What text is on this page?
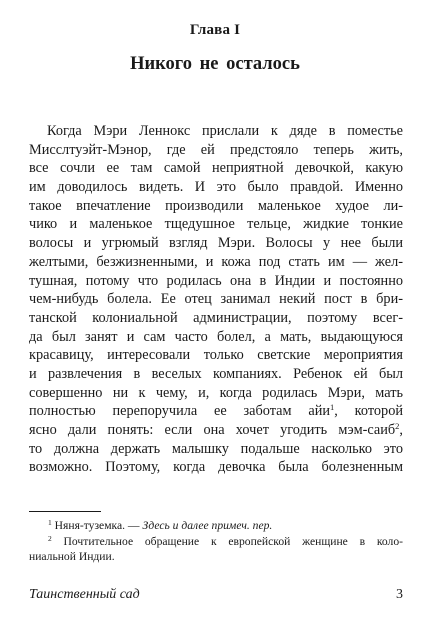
Глава I
Никого не осталось
Когда Мэри Леннокс прислали к дяде в поместье
Мисслтуэйт-Мэнор, где ей предстояло теперь жить,
все сочли ее там самой неприятной девочкой, какую
им доводилось видеть. И это было правдой. Именно
такое впечатление производили маленькое худое ли-
чико и маленькое тщедушное тельце, жидкие тонкие
волосы и угрюмый взгляд Мэри. Волосы у нее были
желтыми, безжизненными, и кожа под стать им — жел-
тушная, потому что родилась она в Индии и постоянно
чем-нибудь болела. Ее отец занимал некий пост в бри-
танской колониальной администрации, поэтому всег-
да был занят и сам часто болел, а мать, выдающуюся
красавицу, интересовали только светские мероприятия
и развлечения в веселых компаниях. Ребенок ей был
совершенно ни к чему, и, когда родилась Мэри, мать
полностью перепоручила ее заботам айи$^1$, которой
ясно дали понять: если она хочет угодить мэм-саиб$^2$,
то должна держать малышку подальше насколько это
возможно. Поэтому, когда девочка была болезненным
$^1$ Няня-туземка. — Здесь и далее примеч. пер.
$^2$ Почтительное обращение к европейской женщине в коло-
ниальной Индии.
Таинственный сад	3
